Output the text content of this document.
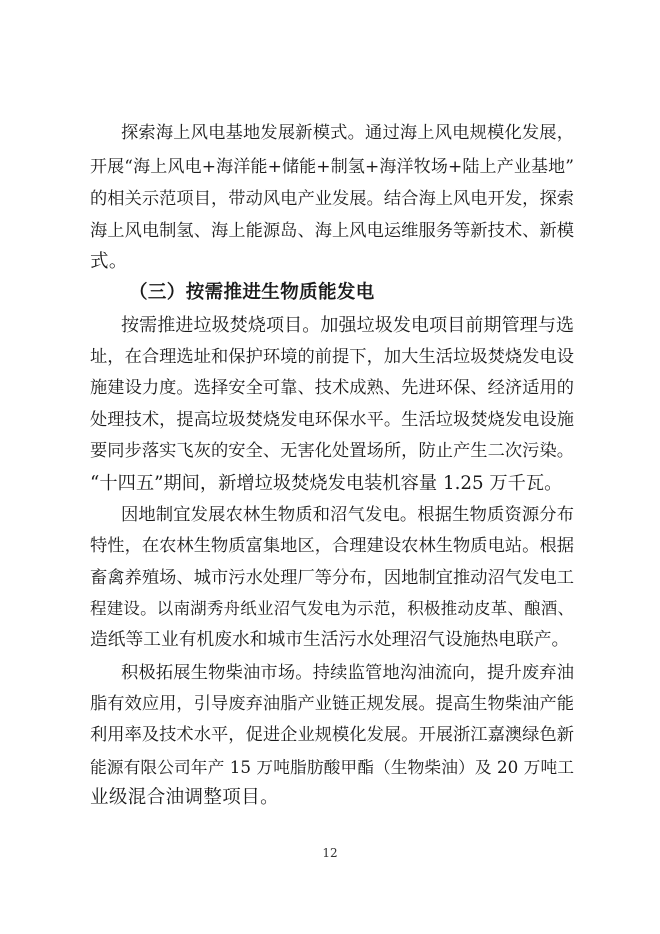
探索海上风电基地发展新模式。通过海上风电规模化发展，
开展“海上风电+海洋能+储能+制氢+海洋牧场+陆上产业基地”
的相关示范项目，带动风电产业发展。结合海上风电开发，探索
海上风电制氢、海上能源岛、海上风电运维服务等新技术、新模
式。
（三）按需推进生物质能发电
按需推进垃圾焚烧项目。加强垃圾发电项目前期管理与选
址，在合理选址和保护环境的前提下，加大生活垃圾焚烧发电设
施建设力度。选择安全可靠、技术成熟、先进环保、经济适用的
处理技术，提高垃圾焚烧发电环保水平。生活垃圾焚烧发电设施
要同步落实飞灰的安全、无害化处置场所，防止产生二次污染。
“十四五”期间，新增垃圾焚烧发电装机容量 1.25 万千瓦。
因地制宜发展农林生物质和沼气发电。根据生物质资源分布
特性，在农林生物质富集地区，合理建设农林生物质电站。根据
畜禽养殖场、城市污水处理厂等分布，因地制宜推动沼气发电工
程建设。以南湖秀舟纸业沼气发电为示范，积极推动皮革、酿酒、
造纸等工业有机废水和城市生活污水处理沼气设施热电联产。
积极拓展生物柴油市场。持续监管地沟油流向，提升废弃油
脂有效应用，引导废弃油脂产业链正规发展。提高生物柴油产能
利用率及技术水平，促进企业规模化发展。开展浙江嘉澳绿色新
能源有限公司年产 15 万吨脂肪酸甲酯（生物柴油）及 20 万吨工
业级混合油调整项目。
12
